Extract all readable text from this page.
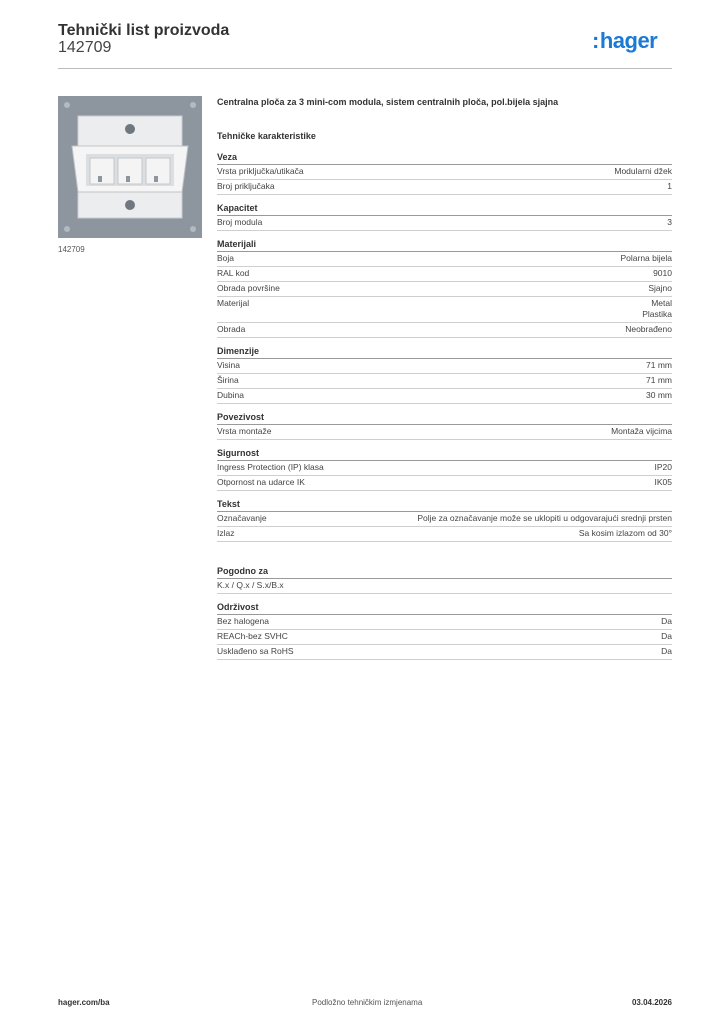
Tehnički list proizvoda
142709	:hager
142709
Centralna ploča za 3 mini-com modula, sistem centralnih ploča, pol.bijela sjajna
Tehničke karakteristike
Veza
Vrsta priključka/utikača	Modularni džek
Broj priključaka	1
Kapacitet
Broj modula	3
Materijali
Boja	Polarna bijela
RAL kod	9010
Obrada površine	Sjajno
Materijal	Metal
Plastika
Obrada	Neobrađeno
Dimenzije
Visina	71 mm
Širina	71 mm
Dubina	30 mm
Povezivost
Vrsta montaže	Montaža vijcima
Sigurnost
Ingress Protection (IP) klasa	IP20
Otpornost na udarce IK	IK05
Tekst
Označavanje	Polje za označavanje može se uklopiti u odgovarajući srednji prsten
Izlaz	Sa kosim izlazom od 30°
Pogodno za
K.x / Q.x / S.x/B.x
Održivost
Bez halogena	Da
REACh-bez SVHC	Da
Usklađeno sa RoHS	Da
hager.com/ba	Podložno tehničkim izmjenama	03.04.2026
